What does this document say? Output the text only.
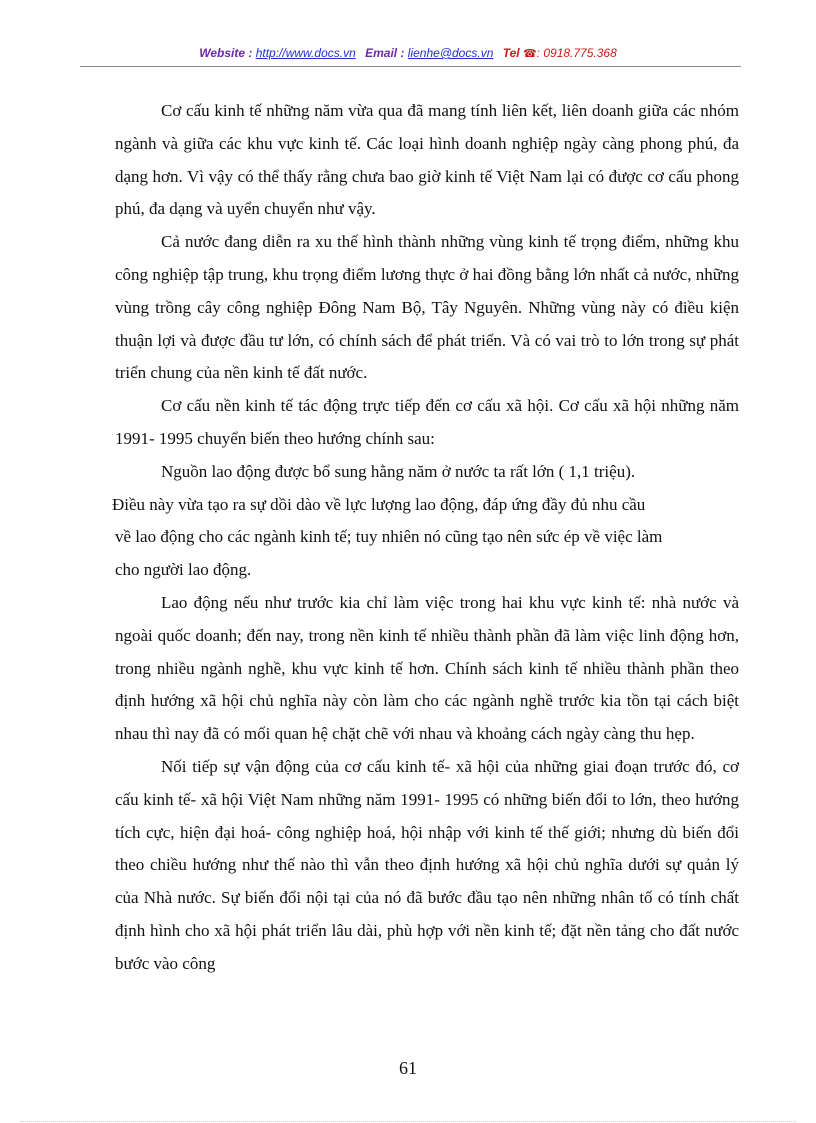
Website : http://www.docs.vn Email : lienhe@docs.vn Tel ☎: 0918.775.368

Cơ cấu kinh tế những năm vừa qua đã mang tính liên kết, liên doanh giữa các nhóm ngành và giữa các khu vực kinh tế. Các loại hình doanh nghiệp ngày càng phong phú, đa dạng hơn. Vì vậy có thể thấy rằng chưa bao giờ kinh tế Việt Nam lại có được cơ cấu phong phú, đa dạng và uyển chuyển như vậy.

Cả nước đang diễn ra xu thế hình thành những vùng kinh tế trọng điểm, những khu công nghiệp tập trung, khu trọng điểm lương thực ở hai đồng bằng lớn nhất cả nước, những vùng trồng cây công nghiệp Đông Nam Bộ, Tây Nguyên. Những vùng này có điều kiện thuận lợi và được đầu tư lớn, có chính sách để phát triển. Và có vai trò to lớn trong sự phát triển chung của nền kinh tế đất nước.

Cơ cấu nền kinh tế tác động trực tiếp đến cơ cấu xã hội. Cơ cấu xã hội những năm 1991- 1995 chuyển biến theo hướng chính sau:

Nguồn lao động được bổ sung hằng năm ở nước ta rất lớn ( 1,1 triệu).

Điều này vừa tạo ra sự dồi dào về lực lượng lao động, đáp ứng đầy đủ nhu cầu

về lao động cho các ngành kinh tế; tuy nhiên nó cũng tạo nên sức ép về việc làm

cho người lao động.

Lao động nếu như trước kia chỉ làm việc trong hai khu vực kinh tế: nhà nước và ngoài quốc doanh; đến nay, trong nền kinh tế nhiều thành phần đã làm việc linh động hơn, trong nhiều ngành nghề, khu vực kinh tế hơn. Chính sách kinh tế nhiều thành phần theo định hướng xã hội chủ nghĩa này còn làm cho các ngành nghề trước kia tồn tại cách biệt nhau thì nay đã có mối quan hệ chặt chẽ với nhau và khoảng cách ngày càng thu hẹp.

Nối tiếp sự vận động của cơ cấu kinh tế- xã hội của những giai đoạn trước đó, cơ cấu kinh tế- xã hội Việt Nam những năm 1991- 1995 có những biến đổi to lớn, theo hướng tích cực, hiện đại hoá- công nghiệp hoá, hội nhập với kinh tế thế giới; nhưng dù biến đổi theo chiều hướng như thế nào thì vẫn theo định hướng xã hội chủ nghĩa dưới sự quản lý của Nhà nước. Sự biến đổi nội tại của nó đã bước đầu tạo nên những nhân tố có tính chất định hình cho xã hội phát triển lâu dài, phù hợp với nền kinh tế; đặt nền tảng cho đất nước bước vào công

61
